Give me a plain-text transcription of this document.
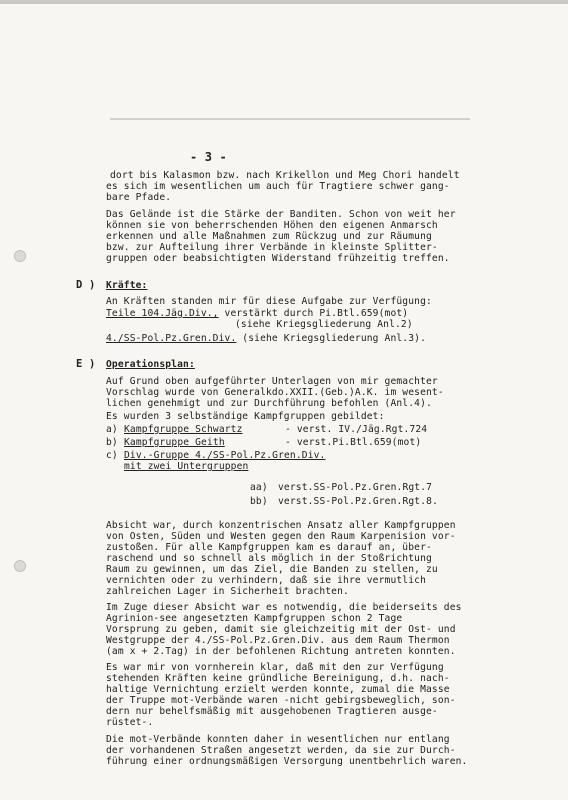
- 3 -
dort bis Kalasmon bzw. nach Krikellon und Meg Chori handelt
es sich im wesentlichen um auch für Tragtiere schwer gang-
bare Pfade.
Das Gelände ist die Stärke der Banditen. Schon von weit her
können sie von beherrschenden Höhen den eigenen Anmarsch
erkennen und alle Maßnahmen zum Rückzug und zur Räumung
bzw. zur Aufteilung ihrer Verbände in kleinste Splitter-
gruppen oder beabsichtigten Widerstand frühzeitig treffen.
D ) Kräfte:
An Kräften standen mir für diese Aufgabe zur Verfügung:
Teile 104.Jäg.Div., verstärkt durch Pi.Btl.659(mot)
(siehe Kriegsgliederung Anl.2)
4./SS-Pol.Pz.Gren.Div. (siehe Kriegsgliederung Anl.3).
E ) Operationsplan:
Auf Grund oben aufgeführter Unterlagen von mir gemachter
Vorschlag wurde von Generalkdo.XXII.(Geb.)A.K. im wesent-
lichen genehmigt und zur Durchführung befohlen (Anl.4).
Es wurden 3 selbständige Kampfgruppen gebildet:
a) Kampfgruppe Schwartz	- verst. IV./Jäg.Rgt.724
b) Kampfgruppe Geith	- verst.Pi.Btl.659(mot)
c) Div.-Gruppe 4./SS-Pol.Pz.Gren.Div.
mit zwei Untergruppen
aa) verst.SS-Pol.Pz.Gren.Rgt.7
bb) verst.SS-Pol.Pz.Gren.Rgt.8.
Absicht war, durch konzentrischen Ansatz aller Kampfgruppen
von Osten, Süden und Westen gegen den Raum Karpenision vor-
zustoßen. Für alle Kampfgruppen kam es darauf an, über-
raschend und so schnell als möglich in der Stoßrichtung
Raum zu gewinnen, um das Ziel, die Banden zu stellen, zu
vernichten oder zu verhindern, daß sie ihre vermutlich
zahlreichen Lager in Sicherheit brachten.
Im Zuge dieser Absicht war es notwendig, die beiderseits des
Agrinion-see angesetzten Kampfgruppen schon 2 Tage
Vorsprung zu geben, damit sie gleichzeitig mit der Ost- und
Westgruppe der 4./SS-Pol.Pz.Gren.Div. aus dem Raum Thermon
(am x + 2.Tag) in der befohlenen Richtung antreten konnten.
Es war mir von vornherein klar, daß mit den zur Verfügung
stehenden Kräften keine gründliche Bereinigung, d.h. nach-
haltige Vernichtung erzielt werden konnte, zumal die Masse
der Truppe mot-Verbände waren -nicht gebirgsbeweglich, son-
dern nur behelfsmäßig mit ausgehobenen Tragtieren ausge-
rüstet-.
Die mot-Verbände konnten daher in wesentlichen nur entlang
der vorhandenen Straßen angesetzt werden, da sie zur Durch-
führung einer ordnungsmäßigen Versorgung unentbehrlich waren.
